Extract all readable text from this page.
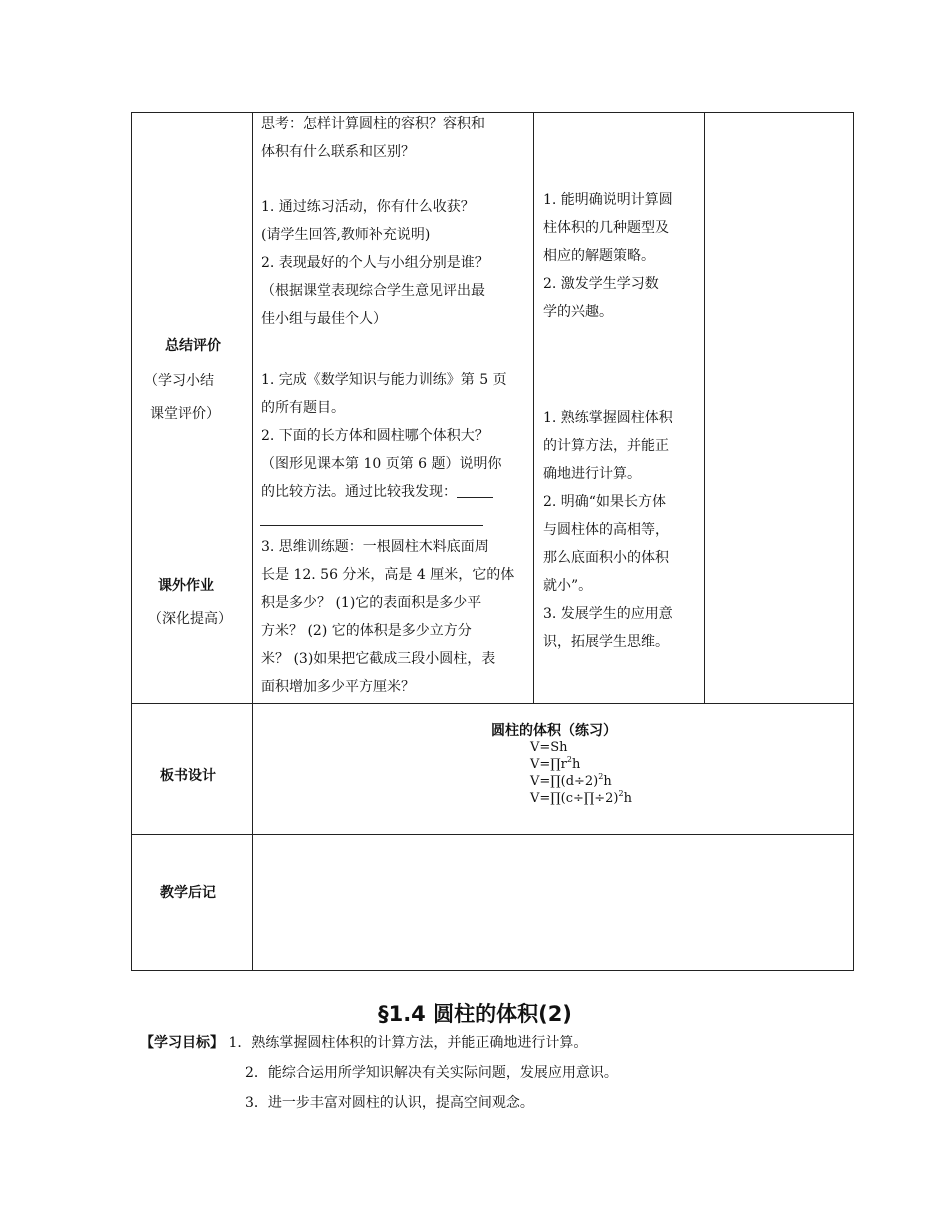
总结评价
（学习小结
课堂评价）
课外作业
（深化提高）
板书设计
教学后记
思考：怎样计算圆柱的容积？容积和
体积有什么联系和区别？
1. 通过练习活动，你有什么收获？
(请学生回答,教师补充说明)
2. 表现最好的个人与小组分别是谁？
（根据课堂表现综合学生意见评出最
佳小组与最佳个人）
1. 完成《数学知识与能力训练》第 5 页
的所有题目。
2. 下面的长方体和圆柱哪个体积大？
（图形见课本第 10 页第 6 题）说明你
的比较方法。通过比较我发现：
3. 思维训练题：一根圆柱木料底面周
长是 12. 56 分米，高是 4 厘米，它的体
积是多少？ (1)它的表面积是多少平
方米？ (2) 它的体积是多少立方分
米？ (3)如果把它截成三段小圆柱，表
面积增加多少平方厘米？
1. 能明确说明计算圆
柱体积的几种题型及
相应的解题策略。
2. 激发学生学习数
学的兴趣。
1. 熟练掌握圆柱体积
的计算方法，并能正
确地进行计算。
2. 明确“如果长方体
与圆柱体的高相等，
那么底面积小的体积
就小”。
3. 发展学生的应用意
识，拓展学生思维。
圆柱的体积（练习）
V=Sh
$V=\prod r^2h$
$V=\prod(d\div 2)^2h$
V=∏(c÷∏÷2)$^2$h
§1.4 圆柱的体积(2)
【学习目标】 1．熟练掌握圆柱体积的计算方法，并能正确地进行计算。
2．能综合运用所学知识解决有关实际问题，发展应用意识。
3．进一步丰富对圆柱的认识，提高空间观念。
